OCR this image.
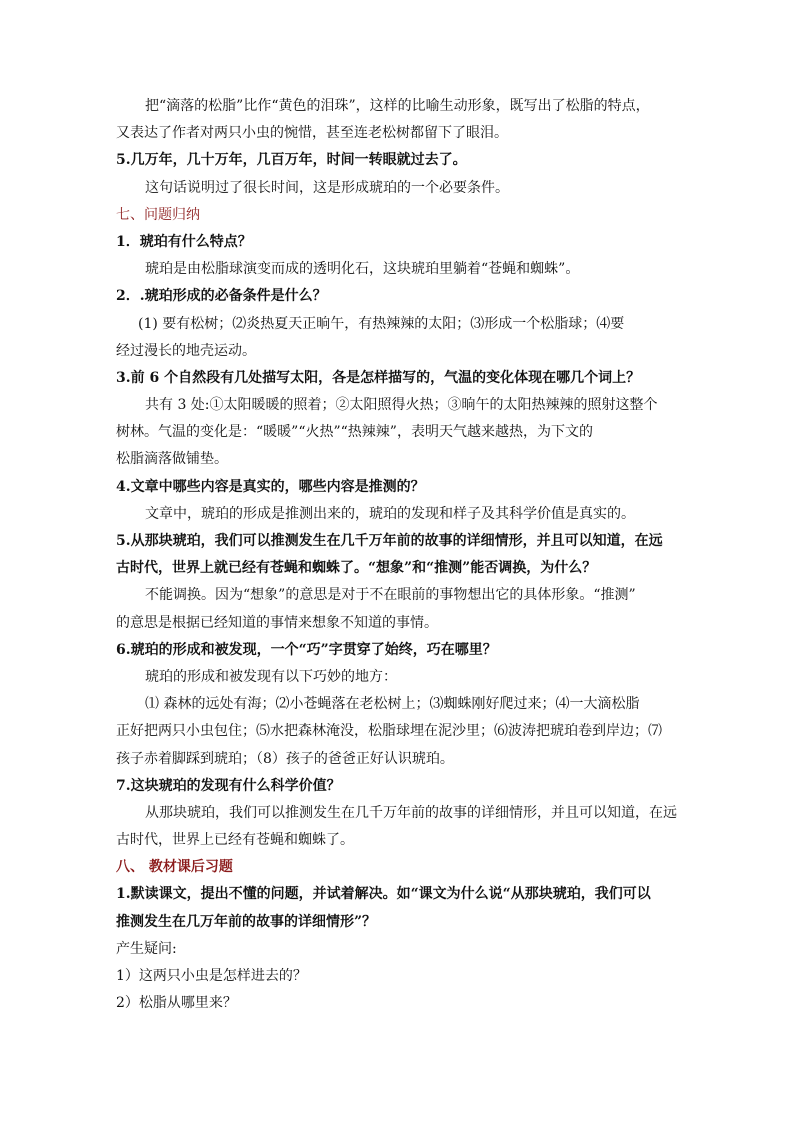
把“滴落的松脂”比作“黄色的泪珠”，这样的比喻生动形象，既写出了松脂的特点，
又表达了作者对两只小虫的惋惜，甚至连老松树都留下了眼泪。
5.几万年，几十万年，几百万年，时间一转眼就过去了。
这句话说明过了很长时间，这是形成琥珀的一个必要条件。
七、问题归纳
1．琥珀有什么特点？
琥珀是由松脂球演变而成的透明化石，这块琥珀里躺着“苍蝇和蜘蛛”。
2．.琥珀形成的必备条件是什么？
(1) 要有松树；⑵炎热夏天正晌午，有热辣辣的太阳；⑶形成一个松脂球；⑷要
经过漫长的地壳运动。
3.前 6 个自然段有几处描写太阳，各是怎样描写的，气温的变化体现在哪几个词上？
共有 3 处:①太阳暖暖的照着；②太阳照得火热；③晌午的太阳热辣辣的照射这整个
树林。气温的变化是：“暖暖”“火热”“热辣辣”，表明天气越来越热，为下文的
松脂滴落做铺垫。
4.文章中哪些内容是真实的，哪些内容是推测的？
文章中，琥珀的形成是推测出来的，琥珀的发现和样子及其科学价值是真实的。
5.从那块琥珀，我们可以推测发生在几千万年前的故事的详细情形，并且可以知道，在远
古时代，世界上就已经有苍蝇和蜘蛛了。“想象”和“推测”能否调换，为什么？
不能调换。因为“想象”的意思是对于不在眼前的事物想出它的具体形象。“推测”
的意思是根据已经知道的事情来想象不知道的事情。
6.琥珀的形成和被发现，一个“巧”字贯穿了始终，巧在哪里？
琥珀的形成和被发现有以下巧妙的地方：
⑴ 森林的远处有海；⑵小苍蝇落在老松树上；⑶蜘蛛刚好爬过来；⑷一大滴松脂
正好把两只小虫包住；⑸水把森林淹没，松脂球埋在泥沙里；⑹波涛把琥珀卷到岸边；⑺
孩子赤着脚踩到琥珀；（8）孩子的爸爸正好认识琥珀。
7.这块琥珀的发现有什么科学价值？
从那块琥珀，我们可以推测发生在几千万年前的故事的详细情形，并且可以知道，在远
古时代，世界上已经有苍蝇和蜘蛛了。
八、 教材课后习题
1.默读课文，提出不懂的问题，并试着解决。如“课文为什么说“从那块琥珀，我们可以
推测发生在几万年前的故事的详细情形”？
产生疑问:
1）这两只小虫是怎样进去的？
2）松脂从哪里来？
